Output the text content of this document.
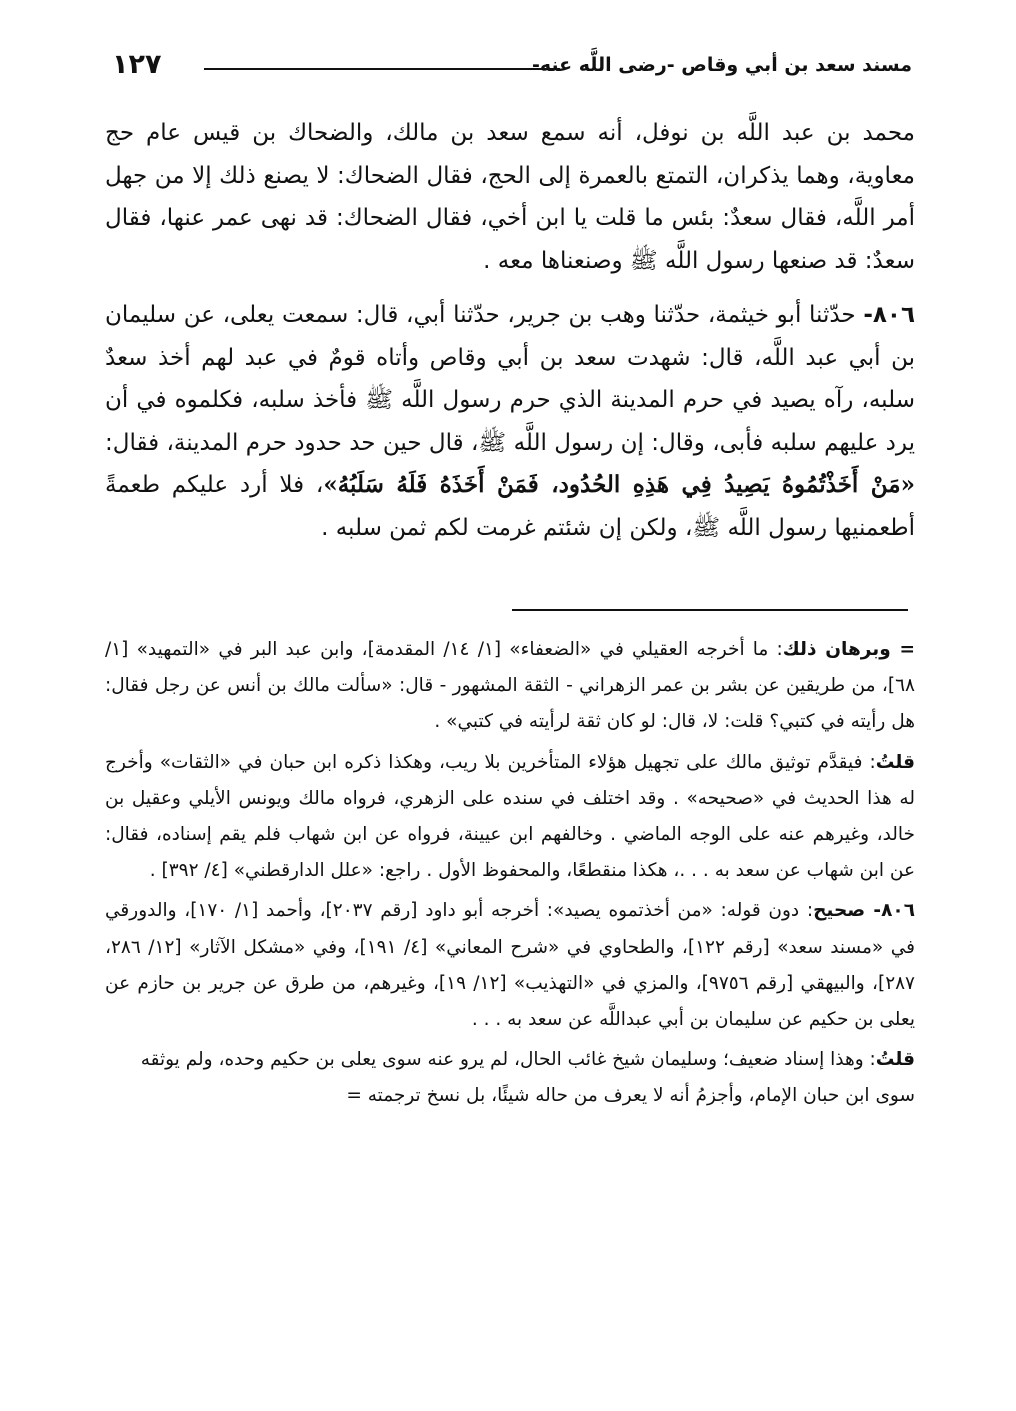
مسند سعد بن أبي وقاص -رضى اللَّه عنه-
١٢٧

محمد بن عبد اللَّه بن نوفل، أنه سمع سعد بن مالك، والضحاك بن قيس عام حج معاوية، وهما يذكران، التمتع بالعمرة إلى الحج، فقال الضحاك: لا يصنع ذلك إلا من جهل أمر اللَّه، فقال سعدٌ: بئس ما قلت يا ابن أخي، فقال الضحاك: قد نهى عمر عنها، فقال سعدٌ: قد صنعها رسول اللَّه ﷺ وصنعناها معه .

٨٠٦- حدّثنا أبو خيثمة، حدّثنا وهب بن جرير، حدّثنا أبي، قال: سمعت يعلى، عن سليمان بن أبي عبد اللَّه، قال: شهدت سعد بن أبي وقاص وأتاه قومٌ في عبد لهم أخذ سعدٌ سلبه، رآه يصيد في حرم المدينة الذي حرم رسول اللَّه ﷺ فأخذ سلبه، فكلموه في أن يرد عليهم سلبه فأبى، وقال: إن رسول اللَّه ﷺ، قال حين حد حدود حرم المدينة، فقال: «مَنْ أَخَذْتُمُوهُ يَصِيدُ فِي هَذِهِ الحُدُود، فَمَنْ أَخَذَهُ فَلَهُ سَلَبُهُ»، فلا أرد عليكم طعمةً أطعمنيها رسول اللَّه ﷺ، ولكن إن شئتم غرمت لكم ثمن سلبه .

= وبرهان ذلك: ما أخرجه العقيلي في «الضعفاء» [١/ ١٤/ المقدمة]، وابن عبد البر في «التمهيد» [١/ ٦٨]، من طريقين عن بشر بن عمر الزهراني - الثقة المشهور - قال: «سألت مالك بن أنس عن رجل فقال: هل رأيته في كتبي؟ قلت: لا، قال: لو كان ثقة لرأيته في كتبي» .

قلتُ: فيقدَّم توثيق مالك على تجهيل هؤلاء المتأخرين بلا ريب، وهكذا ذكره ابن حبان في «الثقات» وأخرج له هذا الحديث في «صحيحه» . وقد اختلف في سنده على الزهري، فرواه مالك ويونس الأيلي وعقيل بن خالد، وغيرهم عنه على الوجه الماضي . وخالفهم ابن عيينة، فرواه عن ابن شهاب فلم يقم إسناده، فقال: عن ابن شهاب عن سعد به . . .، هكذا منقطعًا، والمحفوظ الأول . راجع: «علل الدارقطني» [٤/ ٣٩٢] .

٨٠٦- صحيح: دون قوله: «من أخذتموه يصيد»: أخرجه أبو داود [رقم ٢٠٣٧]، وأحمد [١/ ١٧٠]، والدورقي في «مسند سعد» [رقم ١٢٢]، والطحاوي في «شرح المعاني» [٤/ ١٩١]، وفي «مشكل الآثار» [١٢/ ٢٨٦، ٢٨٧]، والبيهقي [رقم ٩٧٥٦]، والمزي في «التهذيب» [١٢/ ١٩]، وغيرهم، من طرق عن جرير بن حازم عن يعلى بن حكيم عن سليمان بن أبي عبداللَّه عن سعد به . . .

قلتُ: وهذا إسناد ضعيف؛ وسليمان شيخ غائب الحال، لم يرو عنه سوى يعلى بن حكيم وحده، ولم يوثقه سوى ابن حبان الإمام، وأجزمُ أنه لا يعرف من حاله شيئًا، بل نسخ ترجمته =
